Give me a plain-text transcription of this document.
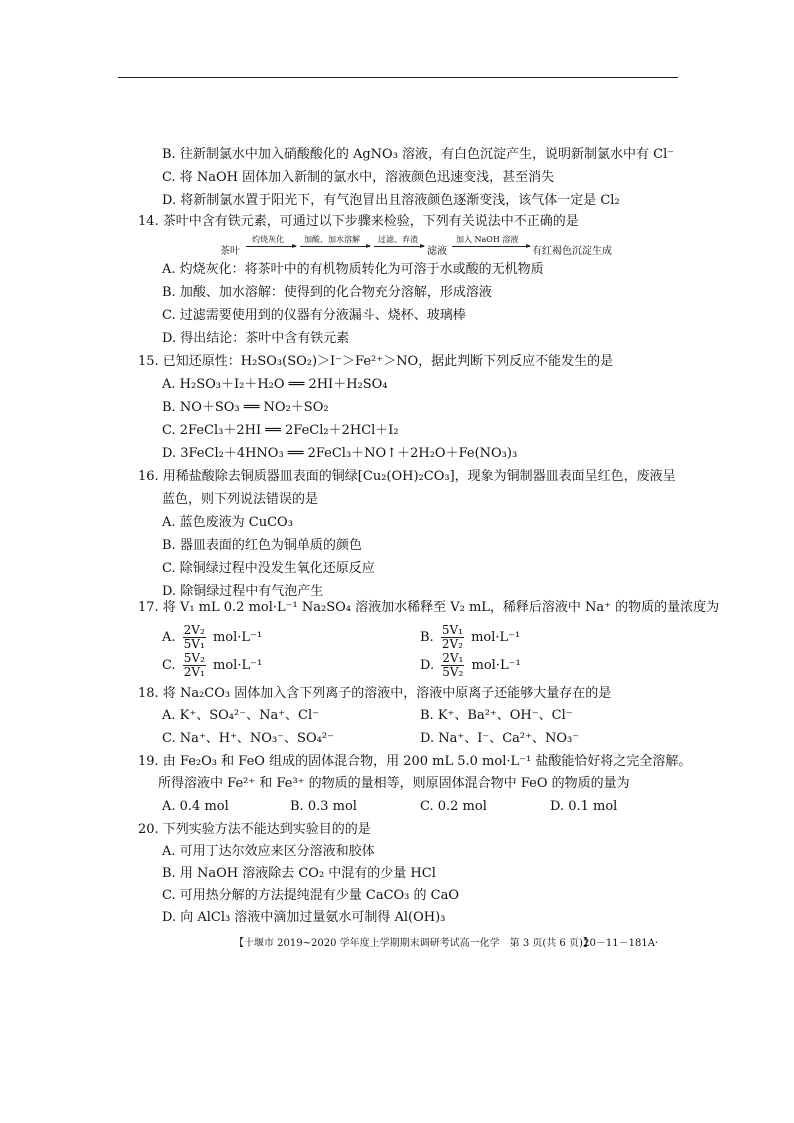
B. 往新制氯水中加入硝酸酸化的 AgNO₃ 溶液，有白色沉淀产生，说明新制氯水中有 Cl⁻
C. 将 NaOH 固体加入新制的氯水中，溶液颜色迅速变浅，甚至消失
D. 将新制氯水置于阳光下，有气泡冒出且溶液颜色逐渐变浅，该气体一定是 Cl₂
14. 茶叶中含有铁元素，可通过以下步骤来检验，下列有关说法中不正确的是
茶叶
灼烧灰化	加酸、加水溶解 过滤、弃渣
滤液
加入 NaOH 溶液
有红褐色沉淀生成
A. 灼烧灰化：将茶叶中的有机物质转化为可溶于水或酸的无机物质
B. 加酸、加水溶解：使得到的化合物充分溶解，形成溶液
C. 过滤需要使用到的仪器有分液漏斗、烧杯、玻璃棒
D. 得出结论：茶叶中含有铁元素
15. 已知还原性：H₂SO₃(SO₂)＞I⁻＞Fe²⁺＞NO，据此判断下列反应不能发生的是
A. H₂SO₃＋I₂＋H₂O ══ 2HI＋H₂SO₄
B. NO＋SO₃ ══ NO₂＋SO₂
C. 2FeCl₃＋2HI ══ 2FeCl₂＋2HCl＋I₂
D. 3FeCl₂＋4HNO₃ ══ 2FeCl₃＋NO↑＋2H₂O＋Fe(NO₃)₃
16. 用稀盐酸除去铜质器皿表面的铜绿[Cu₂(OH)₂CO₃]，现象为铜制器皿表面呈红色，废液呈
蓝色，则下列说法错误的是
A. 蓝色废液为 CuCO₃
B. 器皿表面的红色为铜单质的颜色
C. 除铜绿过程中没发生氧化还原反应
D. 除铜绿过程中有气泡产生
17. 将 V₁ mL 0.2 mol·L⁻¹ Na₂SO₄ 溶液加水稀释至 V₂ mL，稀释后溶液中 Na⁺ 的物质的量浓度为
A. $\frac{\text{2V₂}}{\text{5V₁}} mol\cdot L^{-1}$	B. $\frac{\text{5V₁}}{\text{2V₂}} mol\cdot L^{-1}$
C. $\frac{\text{5V₂}}{\text{2V₁}} mol\cdot L^{-1}$	D. $\frac{\text{2V₁}}{\text{5V₂}} mol\cdot L^{-1}$
18. 将 Na₂CO₃ 固体加入含下列离子的溶液中，溶液中原离子还能够大量存在的是
A. K⁺、SO₄²⁻、Na⁺、Cl⁻	B. K⁺、Ba²⁺、OH⁻、Cl⁻
C. Na⁺、H⁺、NO₃⁻、SO₄²⁻	D. Na⁺、I⁻、Ca²⁺、NO₃⁻
19. 由 Fe₂O₃ 和 FeO 组成的固体混合物，用 200 mL 5.0 mol·L⁻¹ 盐酸能恰好将之完全溶解。
所得溶液中 Fe²⁺ 和 Fe³⁺ 的物质的量相等，则原固体混合物中 FeO 的物质的量为
A. 0.4 mol	B. 0.3 mol	C. 0.2 mol	D. 0.1 mol
20. 下列实验方法不能达到实验目的的是
A. 可用丁达尔效应来区分溶液和胶体
B. 用 NaOH 溶液除去 CO₂ 中混有的少量 HCl
【十堰市 2019~2020 学年度上学期期末调研考试高一化学　第 3 页(共 6 页)】
·20－11－181A·
C. 可用热分解的方法提纯混有少量 CaCO₃ 的 CaO
D. 向 AlCl₃ 溶液中滴加过量氨水可制得 Al(OH)₃
